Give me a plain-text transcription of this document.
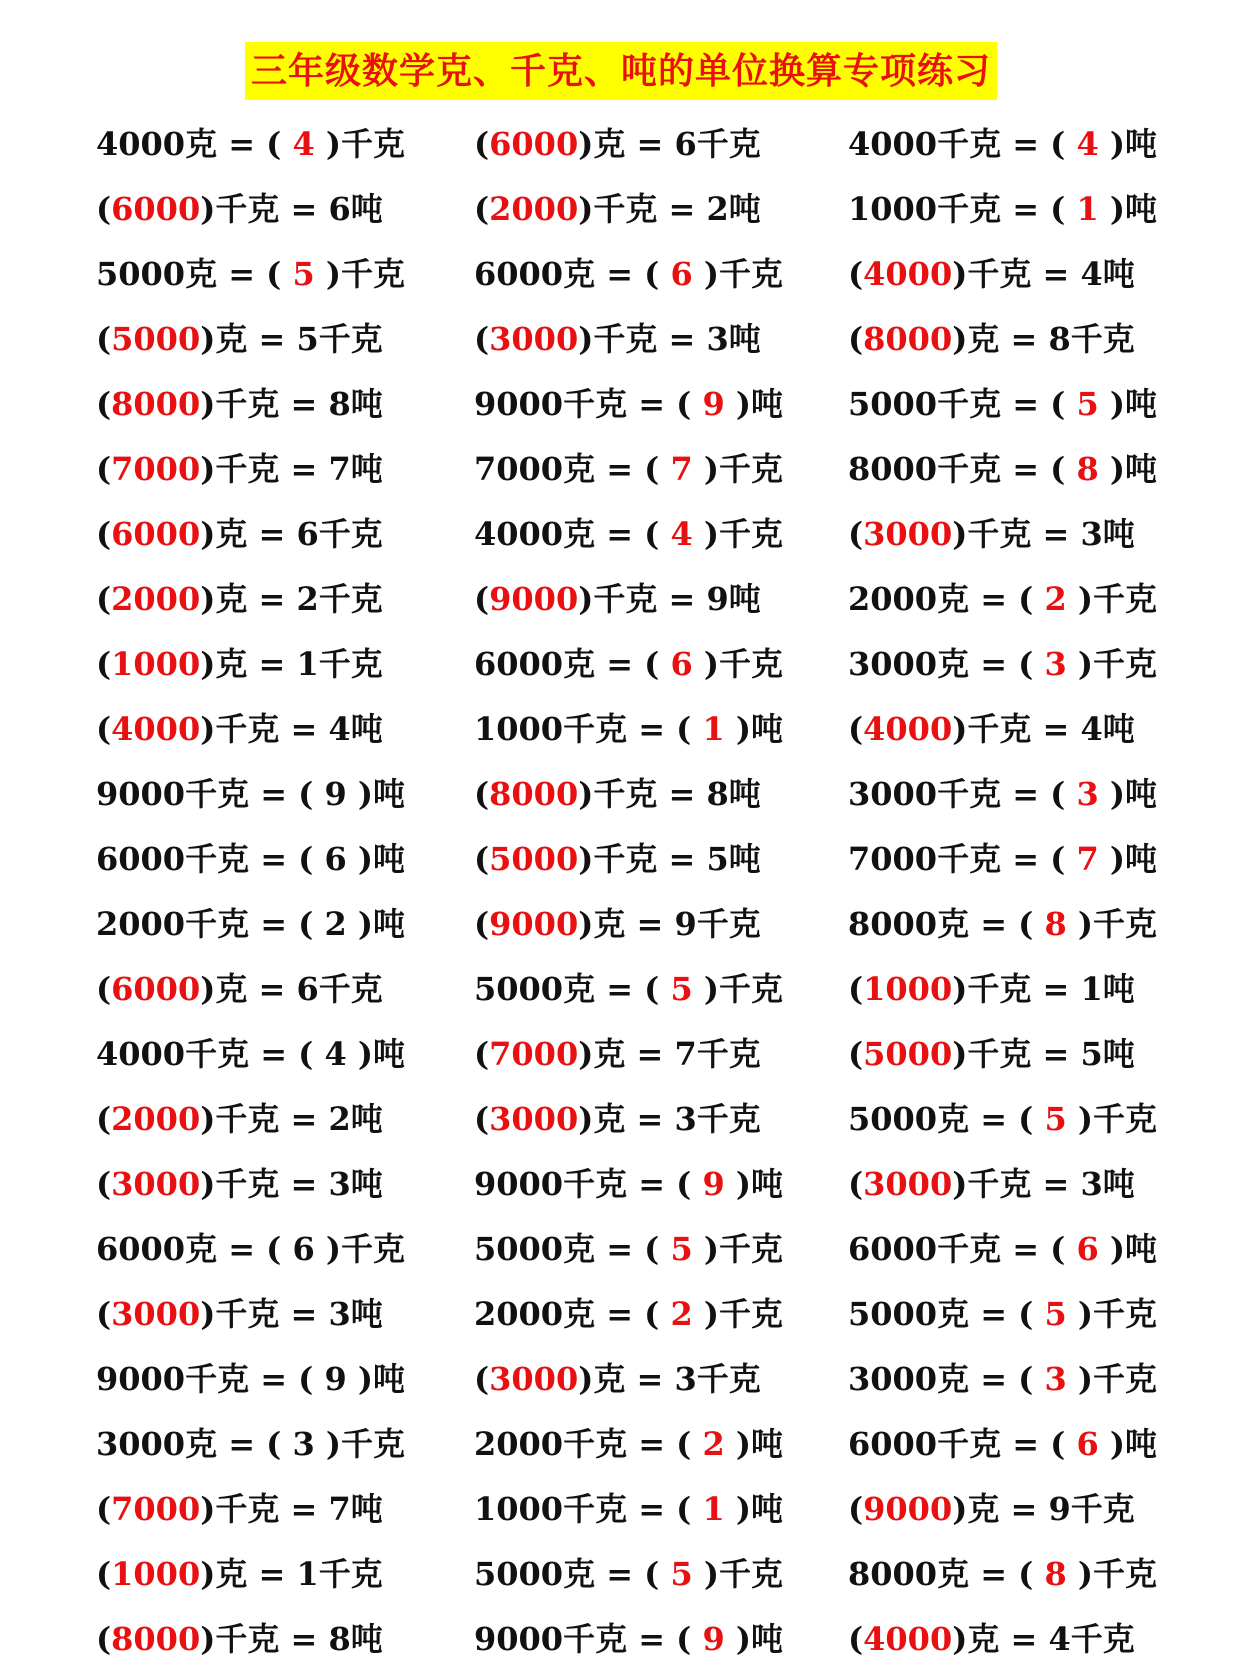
三年级数学克、千克、吨的单位换算专项练习
4000克 = ( 4 )千克	(6000)克 = 6千克	4000千克 = ( 4 )吨
(6000)千克 = 6吨	(2000)千克 = 2吨	1000千克 = ( 1 )吨
5000克 = ( 5 )千克	6000克 = ( 6 )千克	(4000)千克 = 4吨
(5000)克 = 5千克	(3000)千克 = 3吨	(8000)克 = 8千克
(8000)千克 = 8吨	9000千克 = ( 9 )吨	5000千克 = ( 5 )吨
(7000)千克 = 7吨	7000克 = ( 7 )千克	8000千克 = ( 8 )吨
(6000)克 = 6千克	4000克 = ( 4 )千克	(3000)千克 = 3吨
(2000)克 = 2千克	(9000)千克 = 9吨	2000克 = ( 2 )千克
(1000)克 = 1千克	6000克 = ( 6 )千克	3000克 = ( 3 )千克
(4000)千克 = 4吨	1000千克 = ( 1 )吨	(4000)千克 = 4吨
9000千克 = ( 9 )吨	(8000)千克 = 8吨	3000千克 = ( 3 )吨
6000千克 = ( 6 )吨	(5000)千克 = 5吨	7000千克 = ( 7 )吨
2000千克 = ( 2 )吨	(9000)克 = 9千克	8000克 = ( 8 )千克
(6000)克 = 6千克	5000克 = ( 5 )千克	(1000)千克 = 1吨
4000千克 = ( 4 )吨	(7000)克 = 7千克	(5000)千克 = 5吨
(2000)千克 = 2吨	(3000)克 = 3千克	5000克 = ( 5 )千克
(3000)千克 = 3吨	9000千克 = ( 9 )吨	(3000)千克 = 3吨
6000克 = ( 6 )千克	5000克 = ( 5 )千克	6000千克 = ( 6 )吨
(3000)千克 = 3吨	2000克 = ( 2 )千克	5000克 = ( 5 )千克
9000千克 = ( 9 )吨	(3000)克 = 3千克	3000克 = ( 3 )千克
3000克 = ( 3 )千克	2000千克 = ( 2 )吨	6000千克 = ( 6 )吨
(7000)千克 = 7吨	1000千克 = ( 1 )吨	(9000)克 = 9千克
(1000)克 = 1千克	5000克 = ( 5 )千克	8000克 = ( 8 )千克
(8000)千克 = 8吨	9000千克 = ( 9 )吨	(4000)克 = 4千克
